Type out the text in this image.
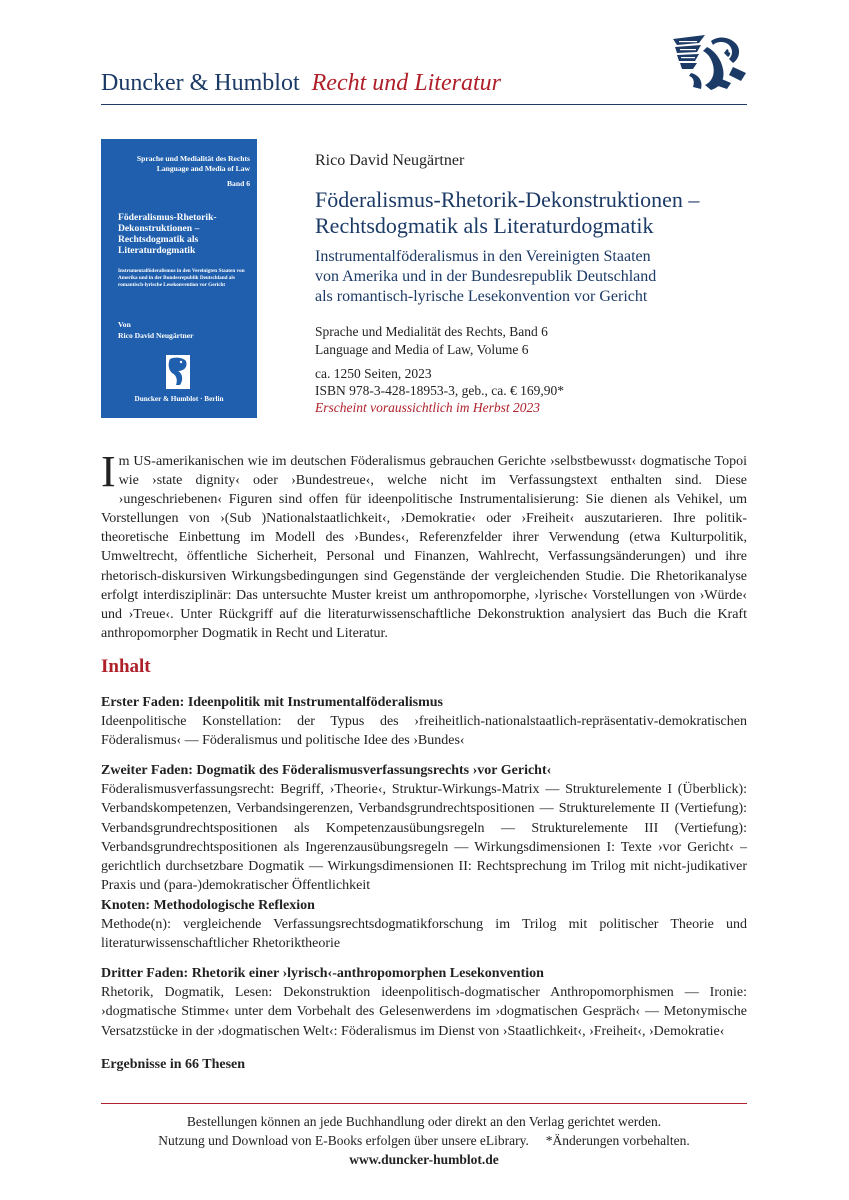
Duncker & Humblot Recht und Literatur
Sprache und Medialität des Rechts
Language and Media of Law
Band 6
Föderalismus-Rhetorik-Dekonstruktionen – Rechtsdogmatik als Literaturdogmatik
Instrumentalföderalismus in den Vereinigten Staaten von Amerika und in der Bundesrepublik Deutschland als romantisch-lyrische Lesekonvention vor Gericht
Von
Rico David Neugärtner
Duncker & Humblot · Berlin
Rico David Neugärtner
Föderalismus-Rhetorik-Dekonstruktionen –
Rechtsdogmatik als Literaturdogmatik
Instrumentalföderalismus in den Vereinigten Staaten
von Amerika und in der Bundesrepublik Deutschland
als romantisch-lyrische Lesekonvention vor Gericht
Sprache und Medialität des Rechts, Band 6
Language and Media of Law, Volume 6
ca. 1250 Seiten, 2023
ISBN 978-3-428-18953-3, geb., ca. € 169,90*
Erscheint voraussichtlich im Herbst 2023
Im US-amerikanischen wie im deutschen Föderalismus gebrauchen Gerichte ›selbstbewusst‹ dogmatische Topoi wie ›state dignity‹ oder ›Bundestreue‹, welche nicht im Verfassungstext enthalten sind. Diese ›ungeschriebenen‹ Figuren sind offen für ideenpolitische Instrumentalisierung: Sie dienen als Vehikel, um Vorstellungen von ›(Sub )Nationalstaatlichkeit‹, ›Demokratie‹ oder ›Freiheit‹ auszutarieren. Ihre politik-theoretische Einbettung im Modell des ›Bundes‹, Referenzfelder ihrer Verwendung (etwa Kulturpolitik, Umweltrecht, öffentliche Sicherheit, Personal und Finanzen, Wahlrecht, Verfassungsänderungen) und ihre rhetorisch-diskursiven Wirkungsbedingungen sind Gegenstände der vergleichenden Studie. Die Rhetorikanalyse erfolgt interdisziplinär: Das untersuchte Muster kreist um anthropomorphe, ›lyrische‹ Vorstellungen von ›Würde‹ und ›Treue‹. Unter Rückgriff auf die literaturwissenschaftliche Dekonstruktion analysiert das Buch die Kraft anthropomorpher Dogmatik in Recht und Literatur.
Inhalt
Erster Faden: Ideenpolitik mit Instrumentalföderalismus
Ideenpolitische Konstellation: der Typus des ›freiheitlich-nationalstaatlich-repräsentativ-demokratischen Föderalismus‹ — Föderalismus und politische Idee des ›Bundes‹
Zweiter Faden: Dogmatik des Föderalismusverfassungsrechts ›vor Gericht‹
Föderalismusverfassungsrecht: Begriff, ›Theorie‹, Struktur-Wirkungs-Matrix — Strukturelemente I (Überblick): Verbandskompetenzen, Verbandsingerenzen, Verbandsgrundrechtspositionen — Strukturelemente II (Vertiefung): Verbandsgrundrechtspositionen als Kompetenzausübungsregeln — Strukturelemente III (Vertiefung): Verbandsgrundrechtspositionen als Ingerenzausübungsregeln — Wirkungsdimensionen I: Texte ›vor Gericht‹ – gerichtlich durchsetzbare Dogmatik — Wirkungsdimensionen II: Rechtsprechung im Trilog mit nicht-judikativer Praxis und (para-)demokratischer Öffentlichkeit
Knoten: Methodologische Reflexion
Methode(n): vergleichende Verfassungsrechtsdogmatikforschung im Trilog mit politischer Theorie und literaturwissenschaftlicher Rhetoriktheorie
Dritter Faden: Rhetorik einer ›lyrisch‹-anthropomorphen Lesekonvention
Rhetorik, Dogmatik, Lesen: Dekonstruktion ideenpolitisch-dogmatischer Anthropomorphismen — Ironie: ›dogmatische Stimme‹ unter dem Vorbehalt des Gelesenwerdens im ›dogmatischen Gespräch‹ — Metonymische Versatzstücke in der ›dogmatischen Welt‹: Föderalismus im Dienst von ›Staatlichkeit‹, ›Freiheit‹, ›Demokratie‹
Ergebnisse in 66 Thesen
Bestellungen können an jede Buchhandlung oder direkt an den Verlag gerichtet werden.
Nutzung und Download von E-Books erfolgen über unsere eLibrary.     *Änderungen vorbehalten.
www.duncker-humblot.de
